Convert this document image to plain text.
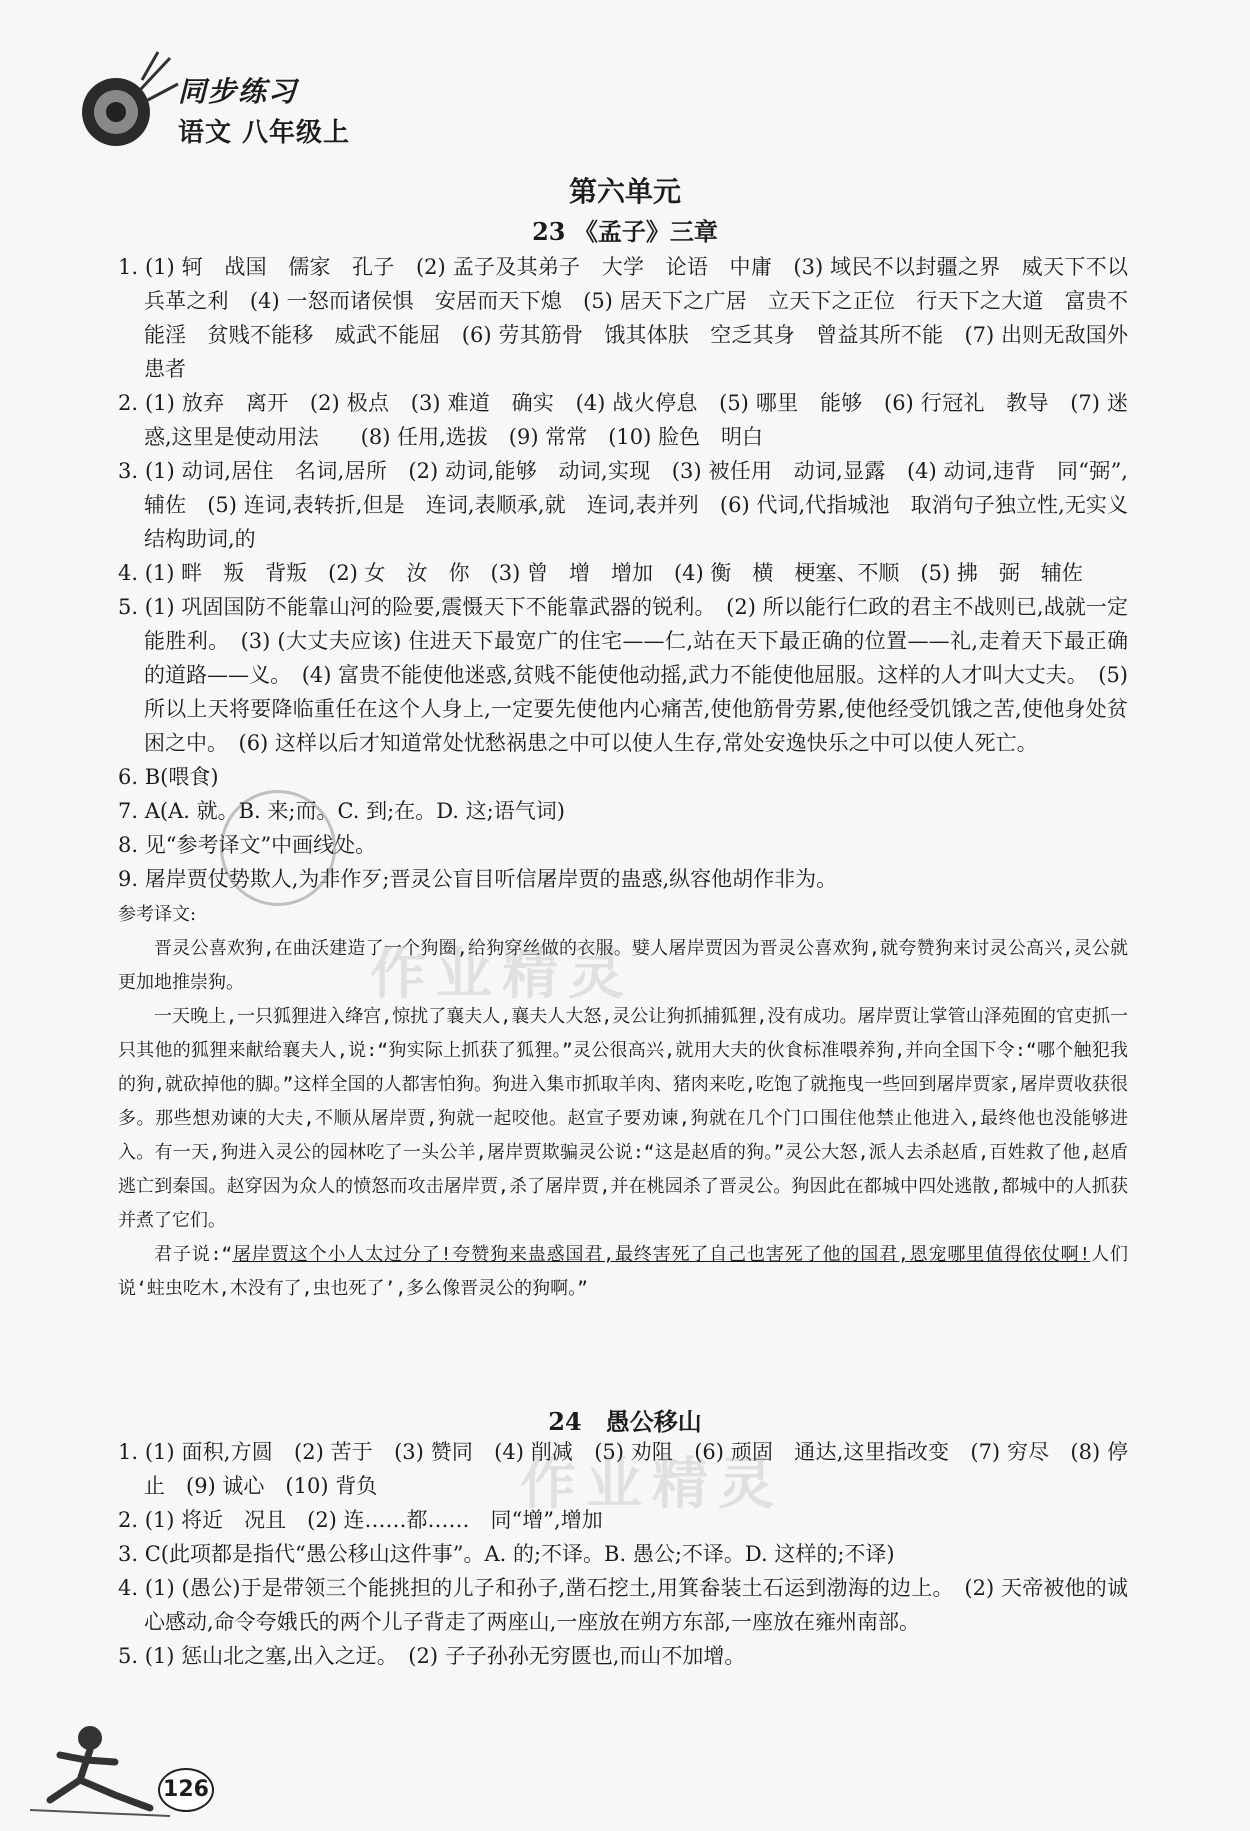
同步练习
语文 八年级上
第六单元
23 《孟子》三章

1. (1) 轲　战国　儒家　孔子　(2) 孟子及其弟子　大学　论语　中庸　(3) 域民不以封疆之界　威天下不以兵革之利　(4) 一怒而诸侯惧　安居而天下熄　(5) 居天下之广居　立天下之正位　行天下之大道　富贵不能淫　贫贱不能移　威武不能屈　(6) 劳其筋骨　饿其体肤　空乏其身　曾益其所不能　(7) 出则无敌国外患者

2. (1) 放弃　离开　(2) 极点　(3) 难道　确实　(4) 战火停息　(5) 哪里　能够　(6) 行冠礼　教导　(7) 迷惑,这里是使动用法　　(8) 任用,选拔　(9) 常常　(10) 脸色　明白

3. (1) 动词,居住　名词,居所　(2) 动词,能够　动词,实现　(3) 被任用　动词,显露　(4) 动词,违背　同“弼”,辅佐　(5) 连词,表转折,但是　连词,表顺承,就　连词,表并列　(6) 代词,代指城池　取消句子独立性,无实义　结构助词,的

4. (1) 畔　叛　背叛　(2) 女　汝　你　(3) 曾　增　增加　(4) 衡　横　梗塞、不顺　(5) 拂　弼　辅佐

5. (1) 巩固国防不能靠山河的险要,震慑天下不能靠武器的锐利。　(2) 所以能行仁政的君主不战则已,战就一定能胜利。　(3) (大丈夫应该) 住进天下最宽广的住宅——仁,站在天下最正确的位置——礼,走着天下最正确的道路——义。　(4) 富贵不能使他迷惑,贫贱不能使他动摇,武力不能使他屈服。这样的人才叫大丈夫。　(5) 所以上天将要降临重任在这个人身上,一定要先使他内心痛苦,使他筋骨劳累,使他经受饥饿之苦,使他身处贫困之中。　(6) 这样以后才知道常处忧愁祸患之中可以使人生存,常处安逸快乐之中可以使人死亡。

6. B(喂食)

7. A(A. 就。B. 来;而。C. 到;在。D. 这;语气词)

8. 见“参考译文”中画线处。

9. 屠岸贾仗势欺人,为非作歹;晋灵公盲目听信屠岸贾的蛊惑,纵容他胡作非为。

参考译文:

晋灵公喜欢狗,在曲沃建造了一个狗圈,给狗穿丝做的衣服。嬖人屠岸贾因为晋灵公喜欢狗,就夸赞狗来讨灵公高兴,灵公就更加地推崇狗。

一天晚上,一只狐狸进入绛宫,惊扰了襄夫人,襄夫人大怒,灵公让狗抓捕狐狸,没有成功。屠岸贾让掌管山泽苑囿的官吏抓一只其他的狐狸来献给襄夫人,说:“狗实际上抓获了狐狸。”灵公很高兴,就用大夫的伙食标准喂养狗,并向全国下令:“哪个触犯我的狗,就砍掉他的脚。”这样全国的人都害怕狗。狗进入集市抓取羊肉、猪肉来吃,吃饱了就拖曳一些回到屠岸贾家,屠岸贾收获很多。那些想劝谏的大夫,不顺从屠岸贾,狗就一起咬他。赵宣子要劝谏,狗就在几个门口围住他禁止他进入,最终他也没能够进入。有一天,狗进入灵公的园林吃了一头公羊,屠岸贾欺骗灵公说:“这是赵盾的狗。”灵公大怒,派人去杀赵盾,百姓救了他,赵盾逃亡到秦国。赵穿因为众人的愤怒而攻击屠岸贾,杀了屠岸贾,并在桃园杀了晋灵公。狗因此在都城中四处逃散,都城中的人抓获并煮了它们。

君子说:“屠岸贾这个小人太过分了!夸赞狗来蛊惑国君,最终害死了自己也害死了他的国君,恩宠哪里值得依仗啊!人们说‘蛀虫吃木,木没有了,虫也死了’,多么像晋灵公的狗啊。”

24　愚公移山

1. (1) 面积,方圆　(2) 苦于　(3) 赞同　(4) 削减　(5) 劝阻　(6) 顽固　通达,这里指改变　(7) 穷尽　(8) 停止　(9) 诚心　(10) 背负

2. (1) 将近　况且　(2) 连……都……　同“增”,增加

3. C(此项都是指代“愚公移山这件事”。A. 的;不译。B. 愚公;不译。D. 这样的;不译)

4. (1) (愚公)于是带领三个能挑担的儿子和孙子,凿石挖土,用箕畚装土石运到渤海的边上。　(2) 天帝被他的诚心感动,命令夸娥氏的两个儿子背走了两座山,一座放在朔方东部,一座放在雍州南部。

5. (1) 惩山北之塞,出入之迂。　(2) 子子孙孙无穷匮也,而山不加增。

作业精灵
作业精灵
126
